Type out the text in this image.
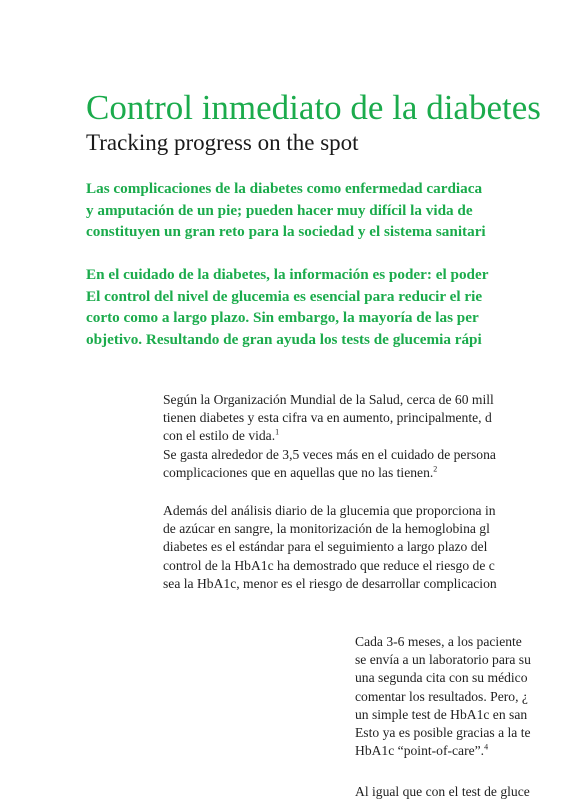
Control inmediato de la diabetes
Tracking progress on the spot
Las complicaciones de la diabetes como enfermedad cardiaca
y amputación de un pie; pueden hacer muy difícil la vida de
constituyen un gran reto para la sociedad y el sistema sanitari
En el cuidado de la diabetes, la información es poder: el poder
El control del nivel de glucemia es esencial para reducir el rie
corto como a largo plazo. Sin embargo, la mayoría de las per
objetivo. Resultando de gran ayuda los tests de glucemia rápi
Según la Organización Mundial de la Salud, cerca de 60 mill
tienen diabetes y esta cifra va en aumento, principalmente, d
con el estilo de vida.$^1$
Se gasta alrededor de 3,5 veces más en el cuidado de persona
complicaciones que en aquellas que no las tienen.$^2$
Además del análisis diario de la glucemia que proporciona in
de azúcar en sangre, la monitorización de la hemoglobina gl
diabetes es el estándar para el seguimiento a largo plazo del
control de la HbA1c ha demostrado que reduce el riesgo de c
sea la HbA1c, menor es el riesgo de desarrollar complicacion
Cada 3-6 meses, a los paciente
se envía a un laboratorio para su
una segunda cita con su médico
comentar los resultados. Pero, ¿
un simple test de HbA1c en san
Esto ya es posible gracias a la te
HbA1c “point-of-care”.$^4$
Al igual que con el test de gluce
